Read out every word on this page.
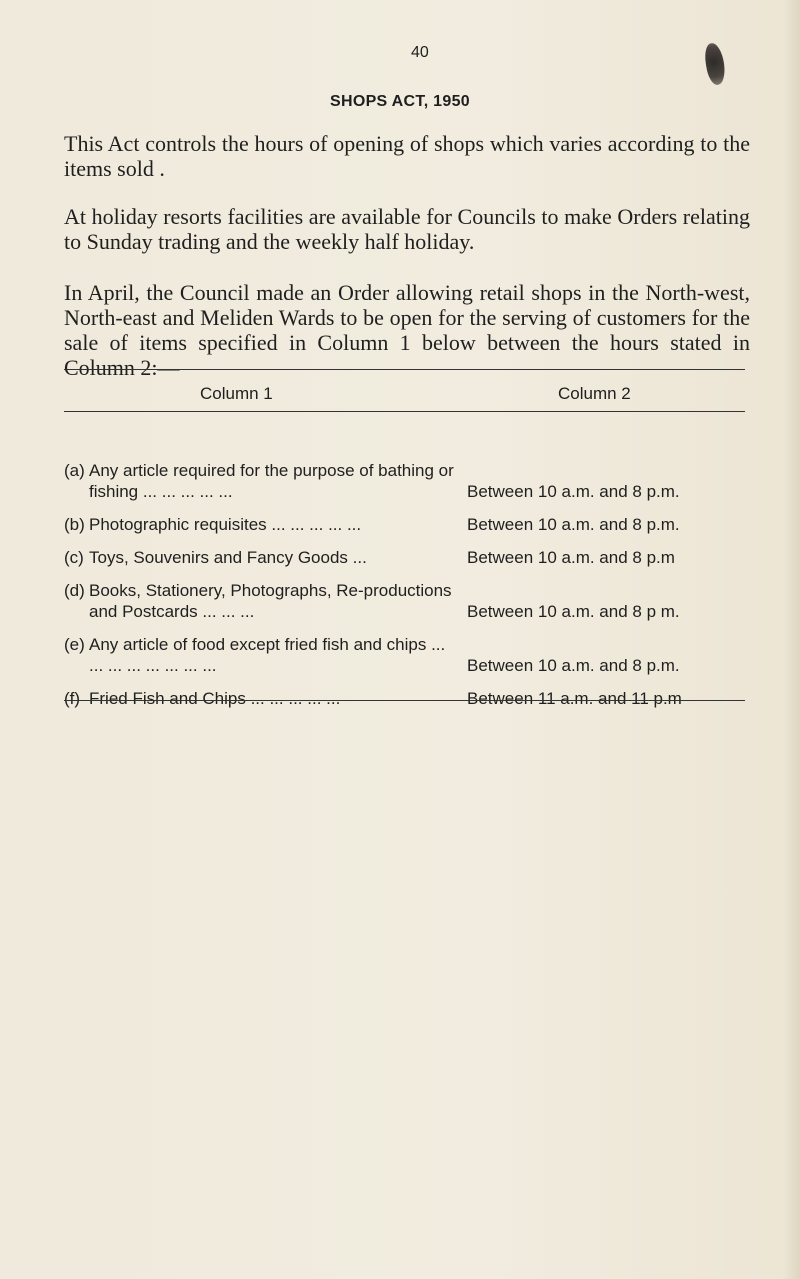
40
SHOPS ACT, 1950

This Act controls the hours of opening of shops which varies according to the items sold .

At holiday resorts facilities are available for Councils to make Orders relating to Sunday trading and the weekly half holiday.

In April, the Council made an Order allowing retail shops in the North-west, North-east and Meliden Wards to be open for the serving of customers for the sale of items specified in Column 1 below between the hours stated in Column 2:—

Column 1	Column 2
(a) Any article required for the purpose of bathing or fishing ... ... ... ... ...	Between 10 a.m. and 8 p.m.
(b) Photographic requisites ... ... ... ... ...	Between 10 a.m. and 8 p.m.
(c) Toys, Souvenirs and Fancy Goods ...	Between 10 a.m. and 8 p.m
(d) Books, Stationery, Photographs, Re-productions and Postcards ... ... ...	Between 10 a.m. and 8 p m.
(e) Any article of food except fried fish and chips ... ... ... ... ... ... ... ...	Between 10 a.m. and 8 p.m.
(f) Fried Fish and Chips ... ... ... ... ...	Between 11 a.m. and 11 p.m
